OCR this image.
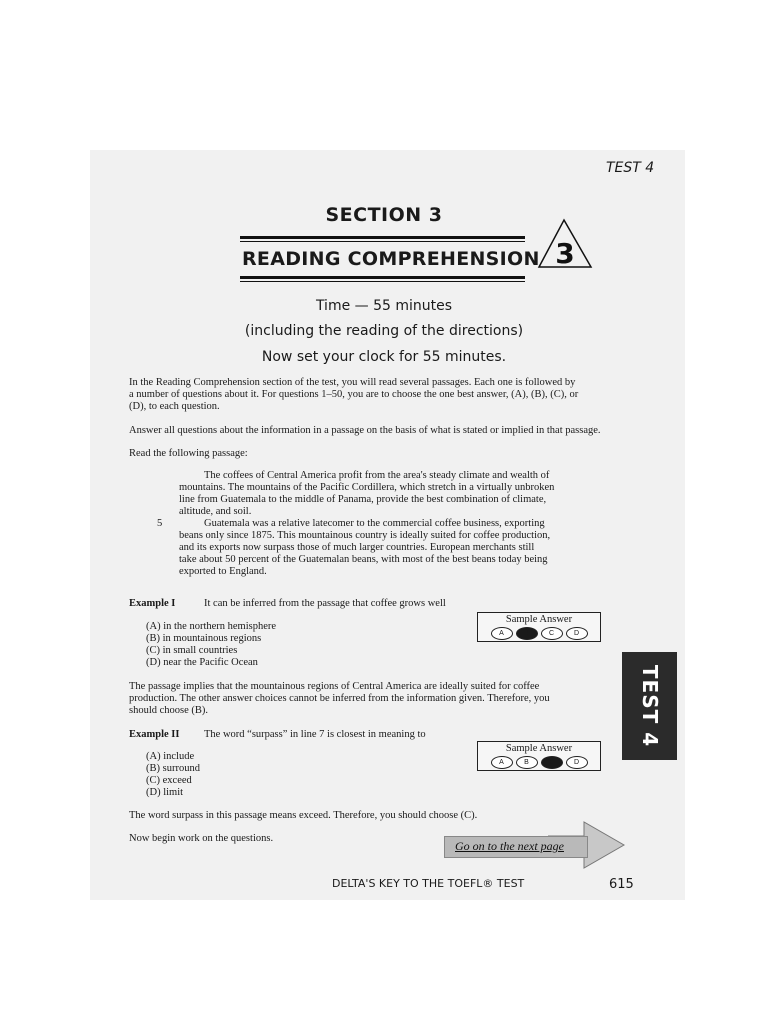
TEST 4
SECTION 3
READING COMPREHENSION 3
Time — 55 minutes
(including the reading of the directions)
Now set your clock for 55 minutes.
In the Reading Comprehension section of the test, you will read several passages. Each one is followed by
a number of questions about it. For questions 1–50, you are to choose the one best answer, (A), (B), (C), or
(D), to each question.
Answer all questions about the information in a passage on the basis of what is stated or implied in that passage.
Read the following passage:
The coffees of Central America profit from the area's steady climate and wealth of
mountains. The mountains of the Pacific Cordillera, which stretch in a virtually unbroken
line from Guatemala to the middle of Panama, provide the best combination of climate,
altitude, and soil.
Guatemala was a relative latecomer to the commercial coffee business, exporting
beans only since 1875. This mountainous country is ideally suited for coffee production,
and its exports now surpass those of much larger countries. European merchants still
take about 50 percent of the Guatemalan beans, with most of the best beans today being
exported to England.
5
Example I	It can be inferred from the passage that coffee grows well
(A) in the northern hemisphere
(B) in mountainous regions
(C) in small countries
(D) near the Pacific Ocean
Sample Answer
A	B	C	D
The passage implies that the mountainous regions of Central America are ideally suited for coffee
production. The other answer choices cannot be inferred from the information given. Therefore, you
should choose (B).
Example II The word “surpass” in line 7 is closest in meaning to
(A) include
(B) surround
(C) exceed
(D) limit
Sample Answer
A	B	C	D
The word surpass in this passage means exceed. Therefore, you should choose (C).
Now begin work on the questions.
Go on to the next page
DELTA'S KEY TO THE TOEFL® TEST	615
TEST 4
